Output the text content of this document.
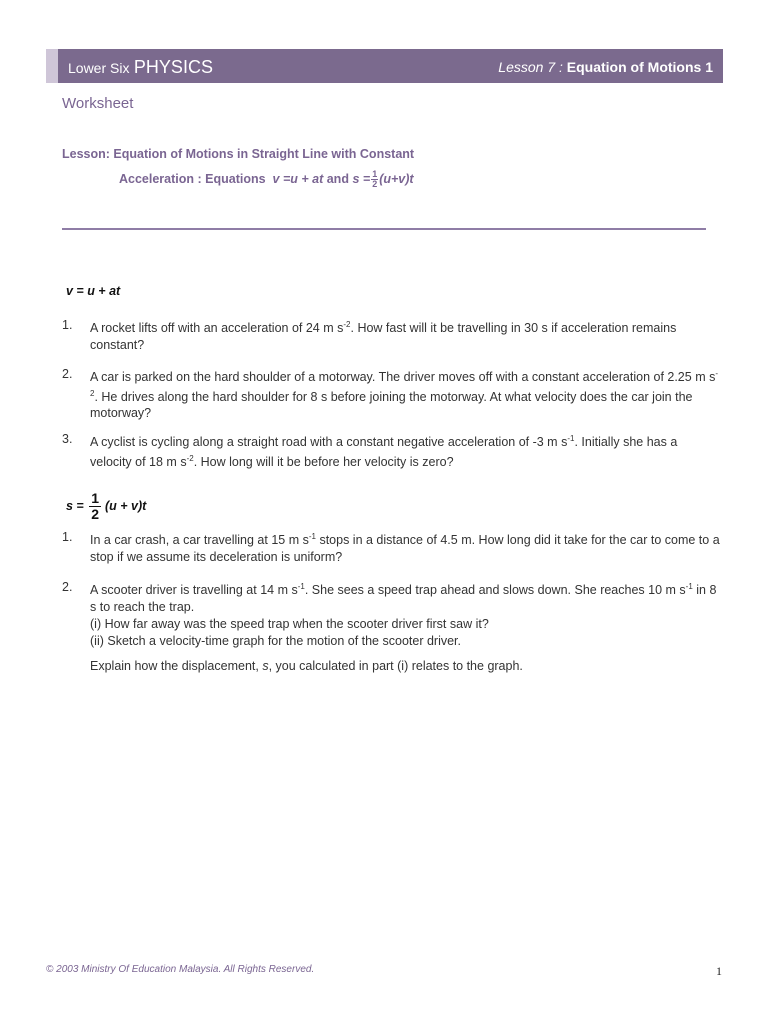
Lower Six PHYSICS	Lesson 7 : Equation of Motions 1
Worksheet
Lesson: Equation of Motions in Straight Line with Constant
Acceleration : Equations v =u + at and $s = \frac{1}{2} (u+v)t$
v = u + at
1. A rocket lifts off with an acceleration of 24 m $s^{-2}$. How fast will it be travelling in 30 s if acceleration remains constant?
2. A car is parked on the hard shoulder of a motorway. The driver moves off with a constant acceleration of 2.25 m $s^{-2}$. He drives along the hard shoulder for 8 s before joining the motorway. At what velocity does the car join the motorway?
3. A cyclist is cycling along a straight road with a constant negative acceleration of -3 m $s^{-1}$. Initially she has a velocity of 18 m $s^{-2}$. How long will it be before her velocity is zero?
$s = \frac{1}{2} (u + v)t$
1. In a car crash, a car travelling at 15 m $s^{-1}$ stops in a distance of 4.5 m. How long did it take for the car to come to a stop if we assume its deceleration is uniform?
2. A scooter driver is travelling at 14 m $s^{-1}$. She sees a speed trap ahead and slows down. She reaches 10 m $s^{-1}$ in 8 s to reach the trap.
(i) How far away was the speed trap when the scooter driver first saw it?
(ii) Sketch a velocity-time graph for the motion of the scooter driver.
Explain how the displacement, s, you calculated in part (i) relates to the graph.
© 2003 Ministry Of Education Malaysia. All Rights Reserved.	1
